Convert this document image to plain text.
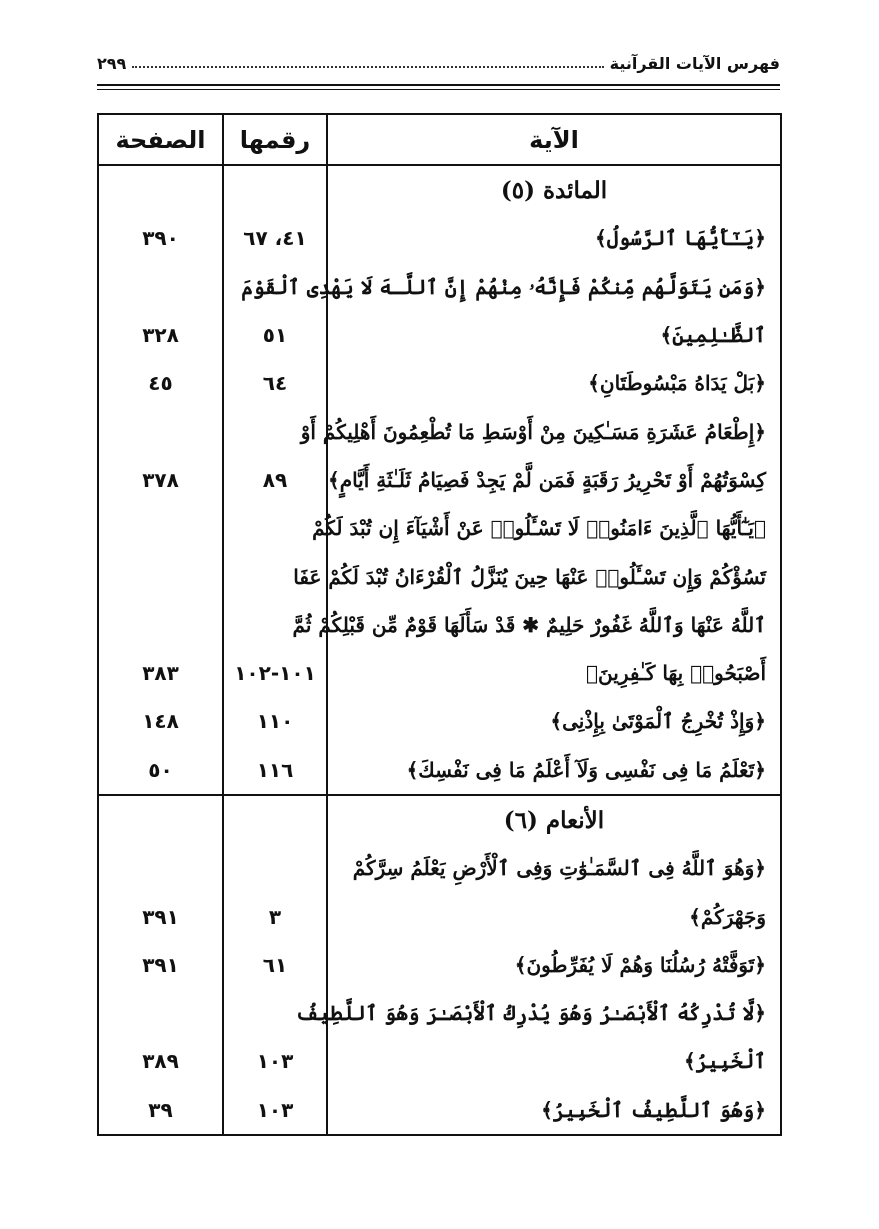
فهرس الآيات القرآنية
٢٩٩
الآية	رقمها	الصفحة
المائدة (٥)		
﴿يَـٰٓأَيُّهَا ٱلرَّسُولُ﴾	٤١، ٦٧	٣٩٠
﴿وَمَن يَتَوَلَّهُم مِّنكُمْ فَإِنَّهُۥ مِنْهُمْ إِنَّ ٱللَّـهَ لَا يَهْدِى ٱلْقَوْمَ		
ٱلظَّـٰلِمِينَ﴾	٥١	٣٢٨
﴿بَلْ يَدَاهُ مَبْسُوطَتَانِ﴾	٦٤	٤٥
﴿إِطْعَامُ عَشَرَةِ مَسَـٰكِينَ مِنْ أَوْسَطِ مَا تُطْعِمُونَ أَهْلِيكُمْ أَوْ		
كِسْوَتُهُمْ أَوْ تَحْرِيرُ رَقَبَةٍ فَمَن لَّمْ يَجِدْ فَصِيَامُ ثَلَـٰثَةِ أَيَّامٍ﴾	٨٩	٣٧٨
﴿يَـٰٓأَيُّهَا ٱلَّذِينَ ءَامَنُوا۟ لَا تَسْـَٔلُوا۟ عَنْ أَشْيَآءَ إِن تُبْدَ لَكُمْ		
تَسُؤْكُمْ وَإِن تَسْـَٔلُوا۟ عَنْهَا حِينَ يُنَزَّلُ ٱلْقُرْءَانُ تُبْدَ لَكُمْ عَفَا		
ٱللَّهُ عَنْهَا وَٱللَّهُ غَفُورٌ حَلِيمٌ ✱ قَدْ سَأَلَهَا قَوْمٌ مِّن قَبْلِكُمْ ثُمَّ		
أَصْبَحُوا۟ بِهَا كَـٰفِرِينَ﴾	١٠١-١٠٢	٣٨٣
﴿وَإِذْ تُخْرِجُ ٱلْمَوْتَىٰ بِإِذْنِى﴾	١١٠	١٤٨
﴿تَعْلَمُ مَا فِى نَفْسِى وَلَآ أَعْلَمُ مَا فِى نَفْسِكَ﴾	١١٦	٥٠
الأنعام (٦)		
﴿وَهُوَ ٱللَّهُ فِى ٱلسَّمَـٰوَٰتِ وَفِى ٱلْأَرْضِ يَعْلَمُ سِرَّكُمْ		
وَجَهْرَكُمْ﴾	٣	٣٩١
﴿تَوَفَّتْهُ رُسُلُنَا وَهُمْ لَا يُفَرِّطُونَ﴾	٦١	٣٩١
﴿لَّا تُدْرِكُهُ ٱلْأَبْصَـٰرُ وَهُوَ يُدْرِكُ ٱلْأَبْصَـٰرَ وَهُوَ ٱللَّطِيفُ		
ٱلْخَبِيرُ﴾	١٠٣	٣٨٩
﴿وَهُوَ ٱللَّطِيفُ ٱلْخَبِيرُ﴾	١٠٣	٣٩
